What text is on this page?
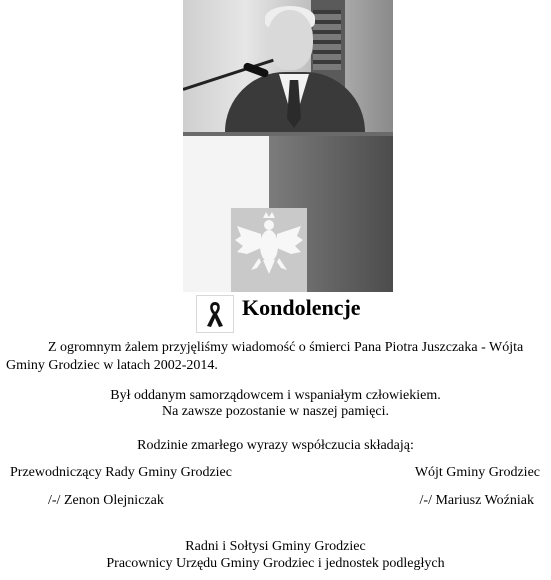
Kondolencje
Z ogromnym żalem przyjęliśmy wiadomość o śmierci Pana Piotra Juszczaka - Wójta Gminy Grodziec w latach 2002-2014.
Był oddanym samorządowcem i wspaniałym człowiekiem.
Na zawsze pozostanie w naszej pamięci.
Rodzinie zmarłego wyrazy współczucia składają:
Przewodniczący Rady Gminy Grodziec	Wójt Gminy Grodziec
/-/ Zenon Olejniczak	/-/ Mariusz Woźniak
Radni i Sołtysi Gminy Grodziec
Pracownicy Urzędu Gminy Grodziec i jednostek podległych
